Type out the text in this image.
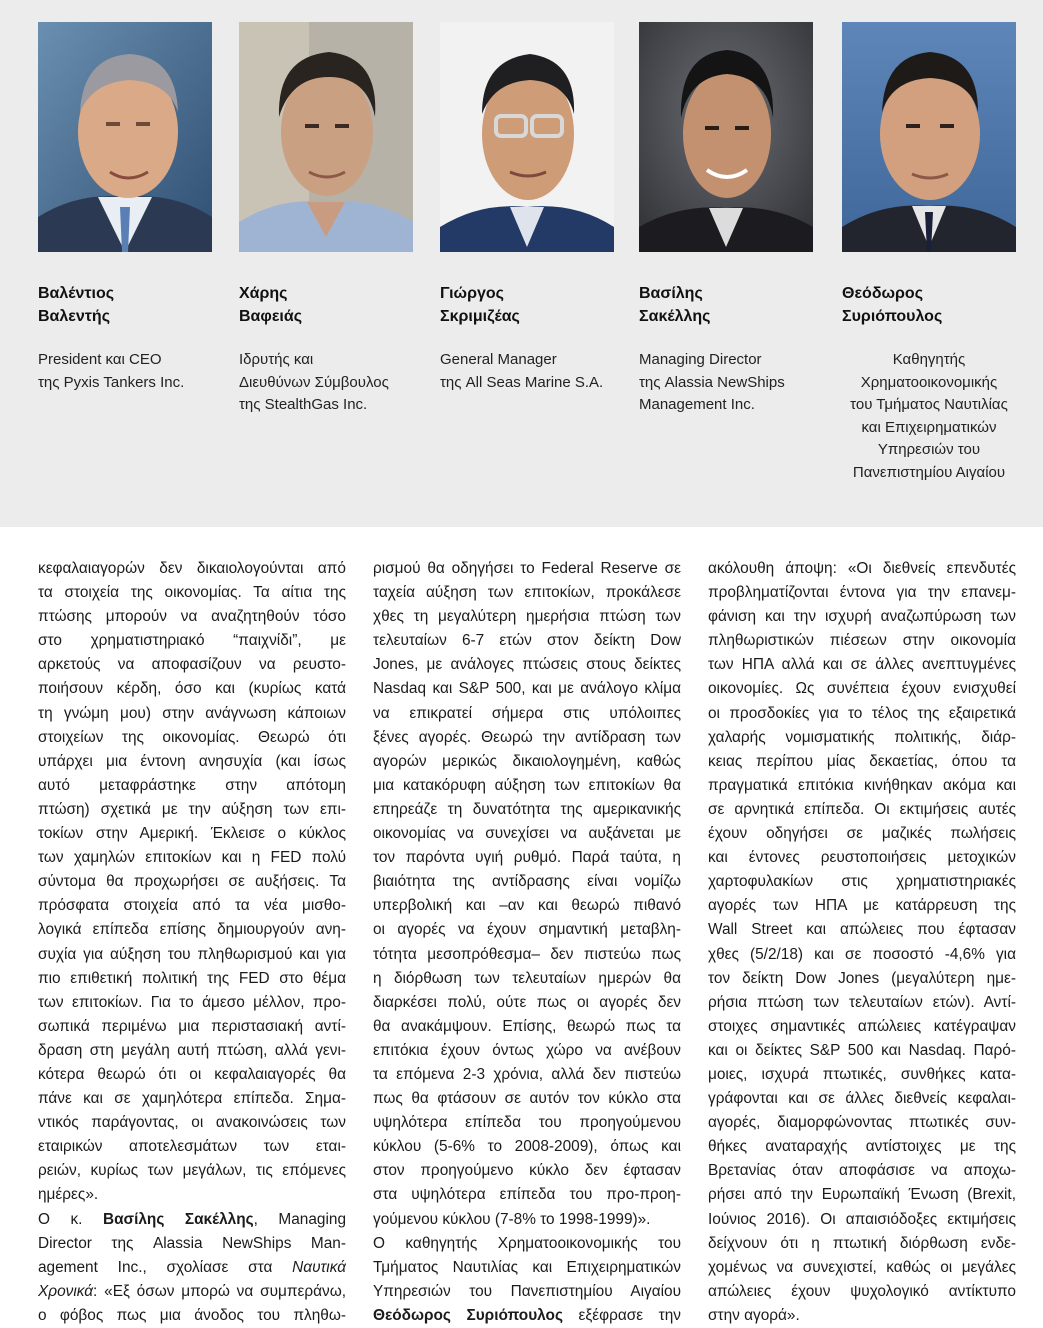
Βαλέντιος
Βαλεντής
President και CEO
της Pyxis Tankers Inc.
Χάρης
Βαφειάς
Ιδρυτής και
Διευθύνων Σύμβουλος
της StealthGas Inc.
Γιώργος
Σκριμιζέας
General Manager
της All Seas Marine S.A.
Βασίλης
Σακέλλης
Managing Director
της Alassia NewShips
Management Inc.
Θεόδωρος
Συριόπουλος
Καθηγητής
Χρηματοοικονομικής
του Τμήματος Ναυτιλίας
και Επιχειρηματικών
Υπηρεσιών του
Πανεπιστημίου Αιγαίου
κεφαλαιαγορών δεν δικαιολογούνται από
τα στοιχεία της οικονομίας. Τα αίτια της
πτώσης μπορούν να αναζητηθούν τόσο
στο χρηματιστηριακό “παιχνίδι”, με
αρκετούς να αποφασίζουν να ρευστο-
ποιήσουν κέρδη, όσο και (κυρίως κατά
τη γνώμη μου) στην ανάγνωση κάποιων
στοιχείων της οικονομίας. Θεωρώ ότι
υπάρχει μια έντονη ανησυχία (και ίσως
αυτό μεταφράστηκε στην απότομη
πτώση) σχετικά με την αύξηση των επι-
τοκίων στην Αμερική. Έκλεισε ο κύκλος
των χαμηλών επιτοκίων και η FED πολύ
σύντομα θα προχωρήσει σε αυξήσεις. Τα
πρόσφατα στοιχεία από τα νέα μισθο-
λογικά επίπεδα επίσης δημιουργούν ανη-
συχία για αύξηση του πληθωρισμού και για
πιο επιθετική πολιτική της FED στο θέμα
των επιτοκίων. Για το άμεσο μέλλον, προ-
σωπικά περιμένω μια περιστασιακή αντί-
δραση στη μεγάλη αυτή πτώση, αλλά γενι-
κότερα θεωρώ ότι οι κεφαλαιαγορές θα
πάνε και σε χαμηλότερα επίπεδα. Σημα-
ντικός παράγοντας, οι ανακοινώσεις των
εταιρικών αποτελεσμάτων των εται-
ρειών, κυρίως των μεγάλων, τις επόμενες
ημέρες».
Ο κ. Βασίλης Σακέλλης, Managing
Director της Alassia NewShips Man-
agement Inc., σχολίασε στα Ναυτικά
Χρονικά: «Εξ όσων μπορώ να συμπεράνω,
ο φόβος πως μια άνοδος του πληθω-
ρισμού θα οδηγήσει το Federal Reserve σε
ταχεία αύξηση των επιτοκίων, προκάλεσε
χθες τη μεγαλύτερη ημερήσια πτώση των
τελευταίων 6-7 ετών στον δείκτη Dow
Jones, με ανάλογες πτώσεις στους δείκτες
Nasdaq και S&P 500, και με ανάλογο κλίμα
να επικρατεί σήμερα στις υπόλοιπες
ξένες αγορές. Θεωρώ την αντίδραση των
αγορών μερικώς δικαιολογημένη, καθώς
μια κατακόρυφη αύξηση των επιτοκίων θα
επηρεάζε τη δυνατότητα της αμερικανικής
οικονομίας να συνεχίσει να αυξάνεται με
τον παρόντα υγιή ρυθμό. Παρά ταύτα, η
βιαιότητα της αντίδρασης είναι νομίζω
υπερβολική και –αν και θεωρώ πιθανό
οι αγορές να έχουν σημαντική μεταβλη-
τότητα μεσοπρόθεσμα– δεν πιστεύω πως
η διόρθωση των τελευταίων ημερών θα
διαρκέσει πολύ, ούτε πως οι αγορές δεν
θα ανακάμψουν. Επίσης, θεωρώ πως τα
επιτόκια έχουν όντως χώρο να ανέβουν
τα επόμενα 2-3 χρόνια, αλλά δεν πιστεύω
πως θα φτάσουν σε αυτόν τον κύκλο στα
υψηλότερα επίπεδα του προηγούμενου
κύκλου (5-6% το 2008-2009), όπως και
στον προηγούμενο κύκλο δεν έφτασαν
στα υψηλότερα επίπεδα του προ-προη-
γούμενου κύκλου (7-8% το 1998-1999)».
Ο καθηγητής Χρηματοοικονομικής του
Τμήματος Ναυτιλίας και Επιχειρηματικών
Υπηρεσιών του Πανεπιστημίου Αιγαίου
Θεόδωρος Συριόπουλος εξέφρασε την
ακόλουθη άποψη: «Οι διεθνείς επενδυτές
προβληματίζονται έντονα για την επανεμ-
φάνιση και την ισχυρή αναζωπύρωση των
πληθωριστικών πιέσεων στην οικονομία
των ΗΠΑ αλλά και σε άλλες ανεπτυγμένες
οικονομίες. Ως συνέπεια έχουν ενισχυθεί
οι προσδοκίες για το τέλος της εξαιρετικά
χαλαρής νομισματικής πολιτικής, διάρ-
κειας περίπου μίας δεκαετίας, όπου τα
πραγματικά επιτόκια κινήθηκαν ακόμα και
σε αρνητικά επίπεδα. Οι εκτιμήσεις αυτές
έχουν οδηγήσει σε μαζικές πωλήσεις
και έντονες ρευστοποιήσεις μετοχικών
χαρτοφυλακίων στις χρηματιστηριακές
αγορές των ΗΠΑ με κατάρρευση της
Wall Street και απώλειες που έφτασαν
χθες (5/2/18) και σε ποσοστό -4,6% για
τον δείκτη Dow Jones (μεγαλύτερη ημε-
ρήσια πτώση των τελευταίων ετών). Αντί-
στοιχες σημαντικές απώλειες κατέγραψαν
και οι δείκτες S&P 500 και Nasdaq. Παρό-
μοιες, ισχυρά πτωτικές, συνθήκες κατα-
γράφονται και σε άλλες διεθνείς κεφαλαι-
αγορές, διαμορφώνοντας πτωτικές συν-
θήκες αναταραχής αντίστοιχες με της
Βρετανίας όταν αποφάσισε να αποχω-
ρήσει από την Ευρωπαϊκή Ένωση (Brexit,
Ιούνιος 2016). Οι απαισιόδοξες εκτιμήσεις
δείχνουν ότι η πτωτική διόρθωση ενδε-
χομένως να συνεχιστεί, καθώς οι μεγάλες
απώλειες έχουν ψυχολογικό αντίκτυπο
στην αγορά».
